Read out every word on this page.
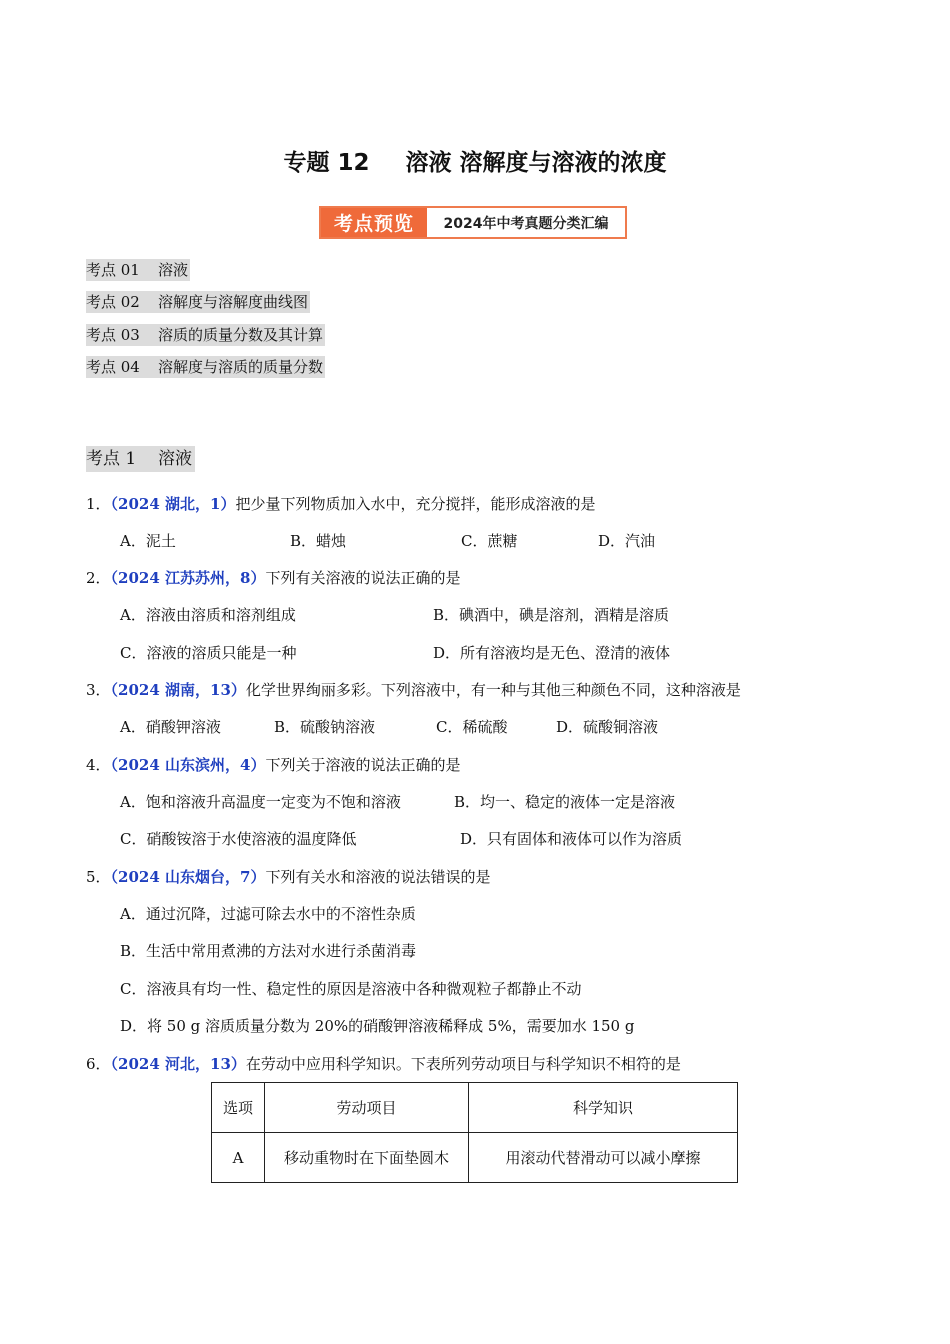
专题 12 溶液 溶解度与溶液的浓度
考点预览	2024年中考真题分类汇编
考点 01 溶液
考点 02 溶解度与溶解度曲线图
考点 03 溶质的质量分数及其计算
考点 04 溶解度与溶质的质量分数
考点 1 溶液
1．（2024 湖北，1）把少量下列物质加入水中，充分搅拌，能形成溶液的是
A．泥土	B．蜡烛	C．蔗糖	D．汽油
2．（2024 江苏苏州，8）下列有关溶液的说法正确的是
A．溶液由溶质和溶剂组成	B．碘酒中，碘是溶剂，酒精是溶质
C．溶液的溶质只能是一种	D．所有溶液均是无色、澄清的液体
3．（2024 湖南，13）化学世界绚丽多彩。下列溶液中，有一种与其他三种颜色不同，这种溶液是
A．硝酸钾溶液	B．硫酸钠溶液	C．稀硫酸	D．硫酸铜溶液
4．（2024 山东滨州，4）下列关于溶液的说法正确的是
A．饱和溶液升高温度一定变为不饱和溶液	B．均一、稳定的液体一定是溶液
C．硝酸铵溶于水使溶液的温度降低	D．只有固体和液体可以作为溶质
5．（2024 山东烟台，7）下列有关水和溶液的说法错误的是
A．通过沉降，过滤可除去水中的不溶性杂质
B．生活中常用煮沸的方法对水进行杀菌消毒
C．溶液具有均一性、稳定性的原因是溶液中各种微观粒子都静止不动
D．将 50 g 溶质质量分数为 20%的硝酸钾溶液稀释成 5%，需要加水 150 g
6．（2024 河北，13）在劳动中应用科学知识。下表所列劳动项目与科学知识不相符的是
选项	劳动项目	科学知识
A	移动重物时在下面垫圆木	用滚动代替滑动可以减小摩擦
